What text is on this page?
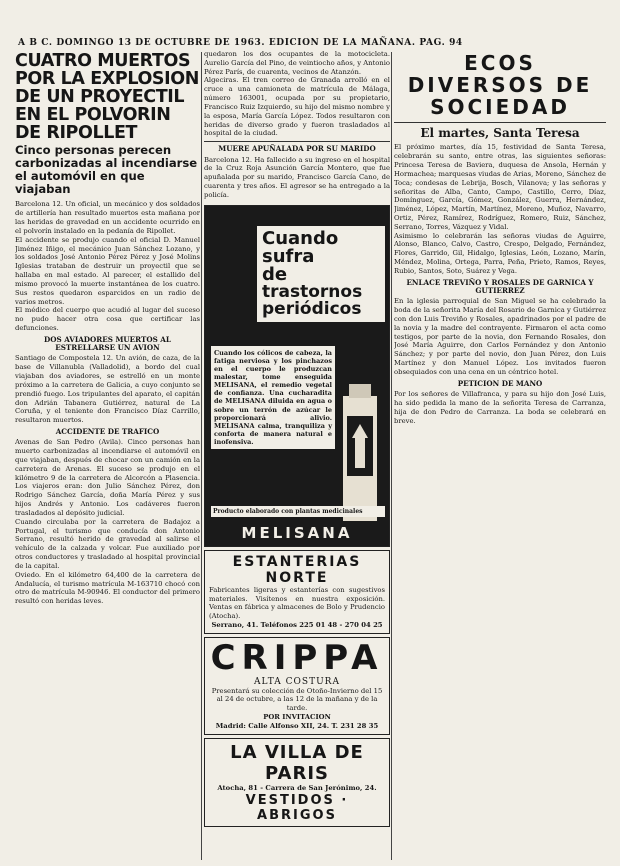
A B C. DOMINGO 13 DE OCTUBRE DE 1963. EDICION DE LA MAÑANA. PAG. 94
CUATRO MUERTOS POR LA EXPLOSION DE UN PROYECTIL EN EL POLVORIN DE RIPOLLET
Cinco personas perecen carbonizadas al incendiarse el automóvil en que viajaban

Barcelona 12. Un oficial, un mecánico y dos soldados de artillería han resultado muertos esta mañana por las heridas de gravedad en un accidente ocurrido en el polvorín instalado en la pedanía de Ripollet.

El accidente se produjo cuando el oficial D. Manuel Jiménez Iñigo, el mecánico Juan Sánchez Lozano, y los soldados José Antonio Pérez Pérez y José Molins Iglesias trataban de destruir un proyectil que se hallaba en mal estado. Al parecer, el estallido del mismo provocó la muerte instantánea de los cuatro. Sus restos quedaron esparcidos en un radio de varios metros.

El médico del cuerpo que acudió al lugar del suceso no pudo hacer otra cosa que certificar las defunciones.

DOS AVIADORES MUERTOS AL ESTRELLARSE UN AVION

Santiago de Compostela 12. Un avión, de caza, de la base de Villanubla (Valladolid), a bordo del cual viajaban dos aviadores, se estrelló en un monte próximo a la carretera de Galicia, a cuyo conjunto se prendió fuego. Los tripulantes del aparato, el capitán don Adrián Tabanera Gutiérrez, natural de La Coruña, y el teniente don Francisco Díaz Carrillo, resultaron muertos.

ACCIDENTE DE TRAFICO

Avenas de San Pedro (Avila). Cinco personas han muerto carbonizadas al incendiarse el automóvil en que viajaban, después de chocar con un camión en la carretera de Arenas. El suceso se produjo en el kilómetro 9 de la carretera de Alcorcón a Plasencia. Los viajeros eran: don Julio Sánchez Pérez, don Rodrigo Sánchez García, doña María Pérez y sus hijos Andrés y Antonio. Los cadáveres fueron trasladados al depósito judicial.

Cuando circulaba por la carretera de Badajoz a Portugal, el turismo que conducía don Antonio Serrano, resultó herido de gravedad al salirse el vehículo de la calzada y volcar. Fue auxiliado por otros conductores y trasladado al hospital provincial de la capital.

Oviedo. En el kilómetro 64,400 de la carretera de Andalucía, el turismo matrícula M-163710 chocó con otro de matrícula M-90946. El conductor del primero resultó con heridas leves.

quedaron los dos ocupantes de la motocicleta. Aurelio García del Pino, de veintiocho años, y Antonio Pérez París, de cuarenta, vecinos de Atanzón.

Algeciras. El tren correo de Granada arrolló en el cruce a una camioneta de matrícula de Málaga, número 163001, ocupada por su propietario, Francisco Ruiz Izquierdo, su hijo del mismo nombre y la esposa, María García López. Todos resultaron con heridas de diverso grado y fueron trasladados al hospital de la ciudad.

MUERE APUÑALADA POR SU MARIDO

Barcelona 12. Ha fallecido a su ingreso en el hospital de la Cruz Roja Asunción García Montero, que fue apuñalada por su marido, Francisco García Cano, de cuarenta y tres años. El agresor se ha entregado a la policía.

Cuando
sufra
de
trastornos
periódicos

Cuando los cólicos de cabeza, la fatiga nerviosa y los pinchazos en el cuerpo le produzcan malestar, tome enseguida MELISANA, el remedio vegetal de confianza. Una cucharadita de MELISANA diluida en agua o sobre un terrón de azúcar le proporcionará alivio. MELISANA calma, tranquiliza y conforta de manera natural e inofensiva.

Producto elaborado con plantas medicinales
MELISANA
ESTANTERIAS NORTE

Fabricantes ligeras y estanterías con sugestivos materiales. Visítenos en nuestra exposición. Ventas en fábrica y almacenes de Bolo y Prudencio (Atocha).

Serrano, 41. Teléfonos 225 01 48 - 270 04 25

CRIPPA
ALTA COSTURA

Presentará su colección de Otoño-Invierno del 15 al 24 de octubre, a las 12 de la mañana y de la tarde.

POR INVITACION

Madrid: Calle Alfonso XII, 24. T. 231 28 35

LA VILLA DE PARIS

Atocha, 81 - Carrera de San Jerónimo, 24.

VESTIDOS · ABRIGOS
ECOS DIVERSOS DE SOCIEDAD
El martes, Santa Teresa

El próximo martes, día 15, festividad de Santa Teresa, celebrarán su santo, entre otras, las siguientes señoras: Princesa Teresa de Baviera, duquesa de Ansola, Hernán y Hormachea; marquesas viudas de Arias, Moreno, Sánchez de Toca; condesas de Lebrija, Bosch, Vilanova; y las señoras y señoritas de Alba, Canto, Campo, Castillo, Cerro, Díaz, Domínguez, García, Gómez, González, Guerra, Hernández, Jiménez, López, Martín, Martínez, Moreno, Muñoz, Navarro, Ortiz, Pérez, Ramírez, Rodríguez, Romero, Ruiz, Sánchez, Serrano, Torres, Vázquez y Vidal.

Asimismo lo celebrarán las señoras viudas de Aguirre, Alonso, Blanco, Calvo, Castro, Crespo, Delgado, Fernández, Flores, Garrido, Gil, Hidalgo, Iglesias, León, Lozano, Marín, Méndez, Molina, Ortega, Parra, Peña, Prieto, Ramos, Reyes, Rubio, Santos, Soto, Suárez y Vega.

ENLACE TREVIÑO Y ROSALES DE GARNICA Y GUTIERREZ

En la iglesia parroquial de San Miguel se ha celebrado la boda de la señorita María del Rosario de Garnica y Gutiérrez con don Luis Treviño y Rosales, apadrinados por el padre de la novia y la madre del contrayente. Firmaron el acta como testigos, por parte de la novia, don Fernando Rosales, don José María Aguirre, don Carlos Fernández y don Antonio Sánchez; y por parte del novio, don Juan Pérez, don Luis Martínez y don Manuel López. Los invitados fueron obsequiados con una cena en un céntrico hotel.

PETICION DE MANO

Por los señores de Villafranca, y para su hijo don José Luis, ha sido pedida la mano de la señorita Teresa de Carranza, hija de don Pedro de Carranza. La boda se celebrará en breve.
